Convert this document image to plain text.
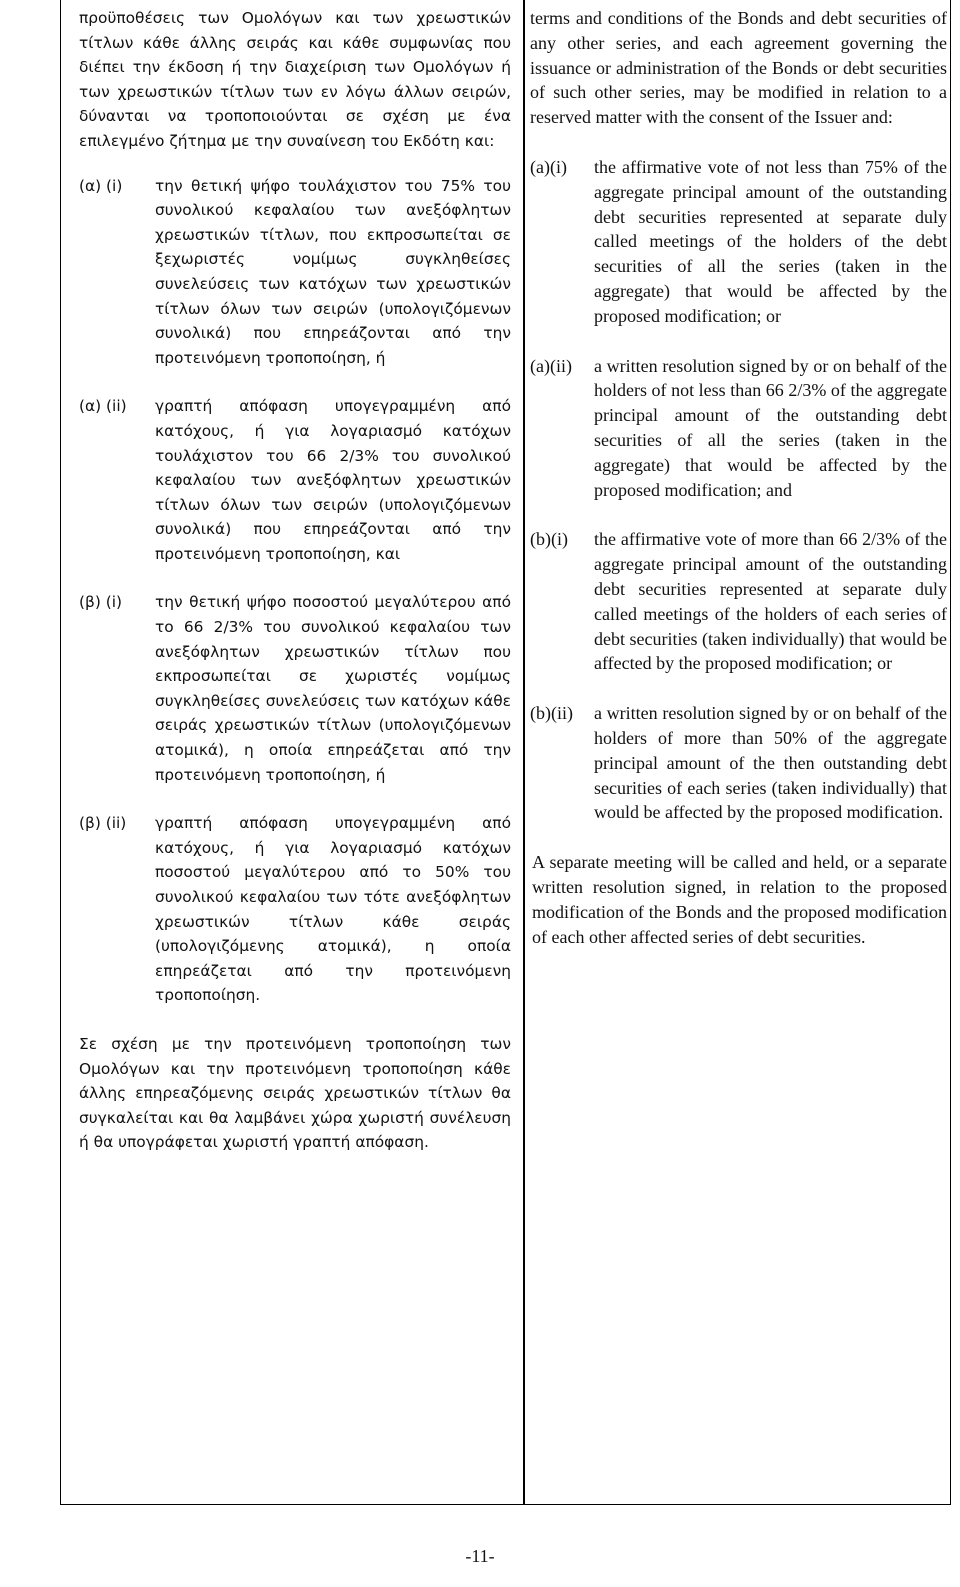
προϋποθέσεις των Ομολόγων και των χρεωστικών τίτλων κάθε άλλης σειράς και κάθε συμφωνίας που διέπει την έκδοση ή την διαχείριση των Ομολόγων ή των χρεωστικών τίτλων των εν λόγω άλλων σειρών, δύνανται να τροποποιούνται σε σχέση με ένα επιλεγμένο ζήτημα με την συναίνεση του Εκδότη και:

(α) (i)	την θετική ψήφο τουλάχιστον του 75% του συνολικού κεφαλαίου των ανεξόφλητων χρεωστικών τίτλων, που εκπροσωπείται σε ξεχωριστές νομίμως συγκληθείσες συνελεύσεις των κατόχων των χρεωστικών τίτλων όλων των σειρών (υπολογιζόμενων συνολικά) που επηρεάζονται από την προτεινόμενη τροποποίηση, ή
(α) (ii)	γραπτή απόφαση υπογεγραμμένη από κατόχους, ή για λογαριασμό κατόχων τουλάχιστον του 66 2/3% του συνολικού κεφαλαίου των ανεξόφλητων χρεωστικών τίτλων όλων των σειρών (υπολογιζόμενων συνολικά) που επηρεάζονται από την προτεινόμενη τροποποίηση, και
(β) (i)	την θετική ψήφο ποσοστού μεγαλύτερου από το 66 2/3% του συνολικού κεφαλαίου των ανεξόφλητων χρεωστικών τίτλων που εκπροσωπείται σε χωριστές νομίμως συγκληθείσες συνελεύσεις των κατόχων κάθε σειράς χρεωστικών τίτλων (υπολογιζόμενων ατομικά), η οποία επηρεάζεται από την προτεινόμενη τροποποίηση, ή
(β) (ii)	γραπτή απόφαση υπογεγραμμένη από κατόχους, ή για λογαριασμό κατόχων ποσοστού μεγαλύτερου από το 50% του συνολικού κεφαλαίου των τότε ανεξόφλητων χρεωστικών τίτλων κάθε σειράς (υπολογιζόμενης ατομικά), η οποία επηρεάζεται από την προτεινόμενη τροποποίηση.

Σε σχέση με την προτεινόμενη τροποποίηση των Ομολόγων και την προτεινόμενη τροποποίηση κάθε άλλης επηρεαζόμενης σειράς χρεωστικών τίτλων θα συγκαλείται και θα λαμβάνει χώρα χωριστή συνέλευση ή θα υπογράφεται χωριστή γραπτή απόφαση.

terms and conditions of the Bonds and debt securities of any other series, and each agreement governing the issuance or administration of the Bonds or debt securities of such other series, may be modified in relation to a reserved matter with the consent of the Issuer and:

(a)(i)	the affirmative vote of not less than 75% of the aggregate principal amount of the outstanding debt securities represented at separate duly called meetings of the holders of the debt securities of all the series (taken in the aggregate) that would be affected by the proposed modification; or
(a)(ii)	a written resolution signed by or on behalf of the holders of not less than 66 2/3% of the aggregate principal amount of the outstanding debt securities of all the series (taken in the aggregate) that would be affected by the proposed modification; and
(b)(i)	the affirmative vote of more than 66 2/3% of the aggregate principal amount of the outstanding debt securities represented at separate duly called meetings of the holders of each series of debt securities (taken individually) that would be affected by the proposed modification; or
(b)(ii)	a written resolution signed by or on behalf of the holders of more than 50% of the aggregate principal amount of the then outstanding debt securities of each series (taken individually) that would be affected by the proposed modification.

A separate meeting will be called and held, or a separate written resolution signed, in relation to the proposed modification of the Bonds and the proposed modification of each other affected series of debt securities.

-11-
